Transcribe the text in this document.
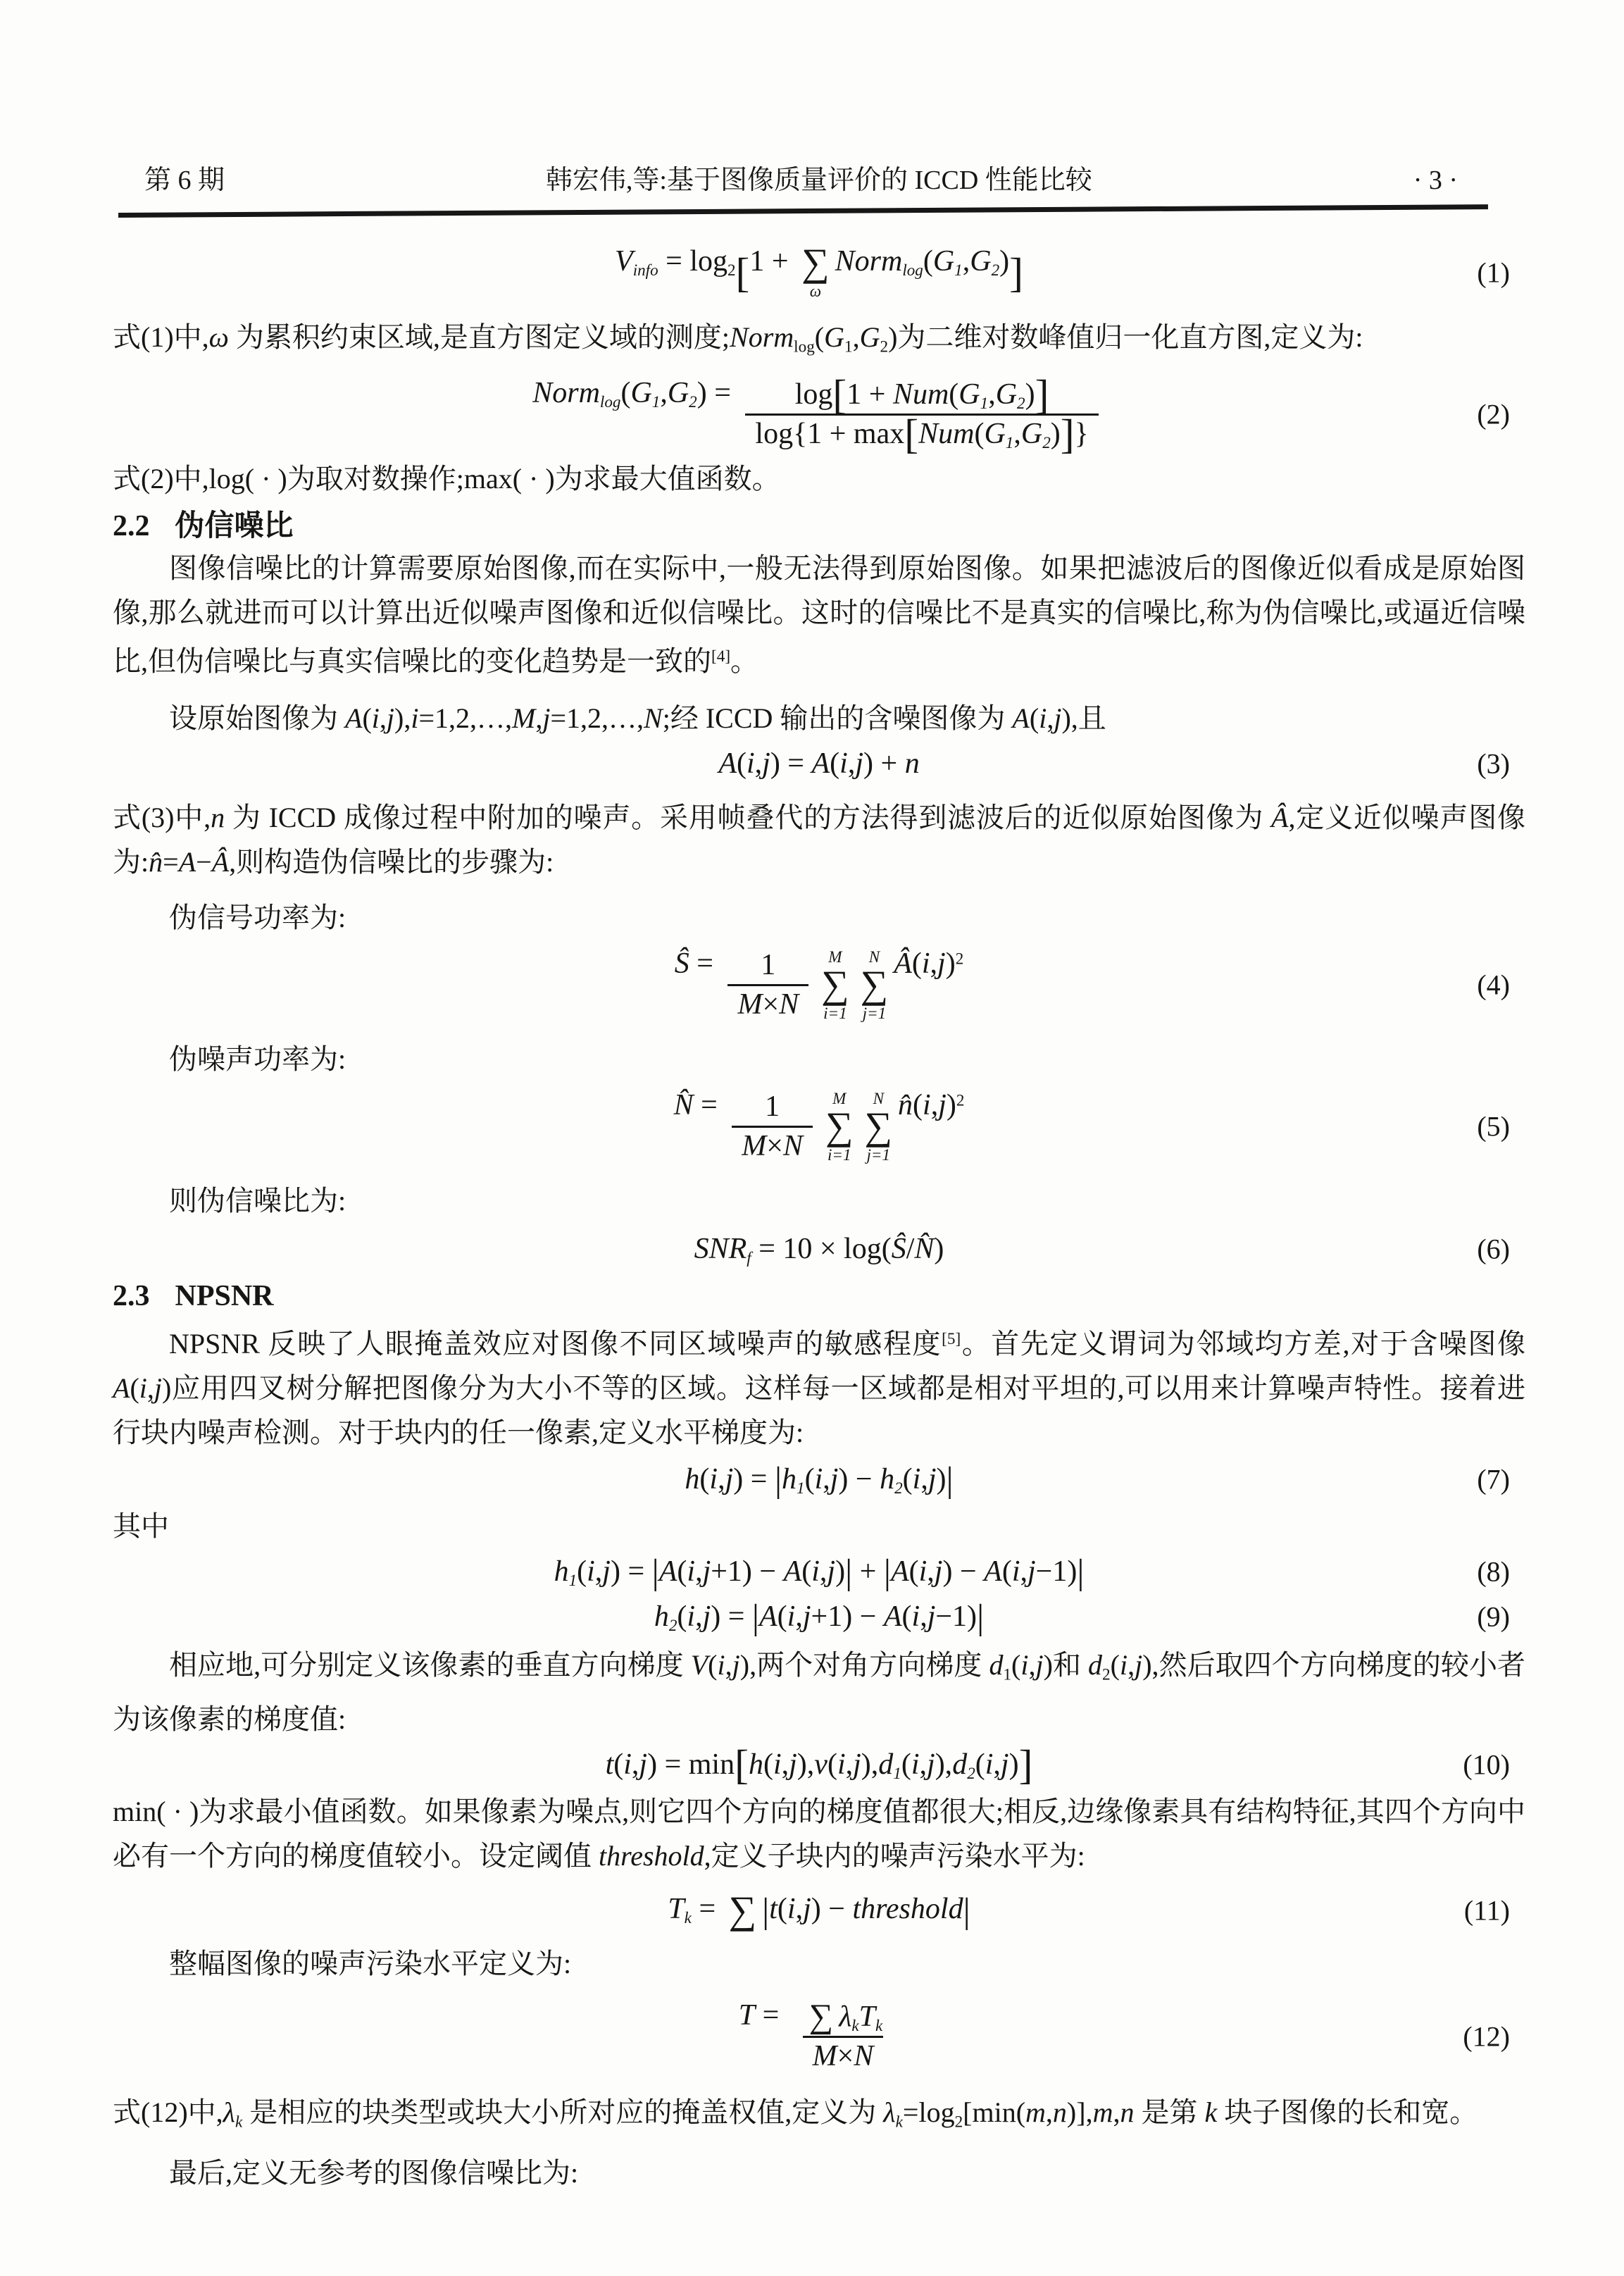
第 6 期	韩宏伟,等:基于图像质量评价的 ICCD 性能比较	· 3 ·
$V_{info} = \log_2$ [ 1 + ∑
ω
Norm$_{log}$ ( $G_1$ , $G_2$ ) ]	(1)

式(1)中,ω 为累积约束区域,是直方图定义域的测度;Normlog(G1,G2)为二维对数峰值归一化直方图,定义为:

Norm$_{log}$ ( $G_1$ , $G_2$ ) = $\frac{\log [ 1 + Num ( G_1 , G_2 ) ]}{\log\{1 + \max [ Num ( G_1 , G_2 ) ] \}}$	(2)

式(2)中,log( · )为取对数操作;max( · )为求最大值函数。

2.2 伪信噪比

图像信噪比的计算需要原始图像,而在实际中,一般无法得到原始图像。如果把滤波后的图像近似看成是原始图像,那么就进而可以计算出近似噪声图像和近似信噪比。这时的信噪比不是真实的信噪比,称为伪信噪比,或逼近信噪比,但伪信噪比与真实信噪比的变化趋势是一致的[4]。

设原始图像为 A(i,j),i=1,2,…,M,j=1,2,…,N;经 ICCD 输出的含噪图像为 A(i,j),且

A ( i , j ) = A ( i , j ) + n	(3)

式(3)中,n 为 ICCD 成像过程中附加的噪声。采用帧叠代的方法得到滤波后的近似原始图像为 Â,定义近似噪声图像为:n̂=A−Â,则构造伪信噪比的步骤为:

伪信号功率为:

Ŝ = $\frac{1}{M \times N}$ M
∑
i=1
N
∑
j=1
Â ( i , j )$^2$
(4)

伪噪声功率为:

N̂ = $\frac{1}{M \times N}$ M
∑
i=1
N
∑
j=1
n̂ ( i , j )$^2$
(5)

则伪信噪比为:

$SNR_f = 10 \times \log$( Ŝ / N̂ )	(6)
2.3 NPSNR

NPSNR 反映了人眼掩盖效应对图像不同区域噪声的敏感程度[5]。首先定义谓词为邻域均方差,对于含噪图像 A(i,j)应用四叉树分解把图像分为大小不等的区域。这样每一区域都是相对平坦的,可以用来计算噪声特性。接着进行块内噪声检测。对于块内的任一像素,定义水平梯度为:

h ( i , j ) = | $h_1$ ( i , j ) − $h_2$ ( i , j ) |	(7)

其中

$h_1$ ( i , j ) = | A ( i , j +1) − A ( i , j ) | + | A ( i , j ) − A ( i , j −1) |	(8)
$h_2$ ( i , j ) = | A ( i , j +1) − A ( i , j −1) |	(9)

相应地,可分别定义该像素的垂直方向梯度 V(i,j),两个对角方向梯度 d1(i,j)和 d2(i,j),然后取四个方向梯度的较小者为该像素的梯度值:

t ( i , j ) = min [ h ( i , j ), v ( i , j ), $d_1$ ( i , j ), $d_2$ ( i , j ) ]	(10)

min( · )为求最小值函数。如果像素为噪点,则它四个方向的梯度值都很大;相反,边缘像素具有结构特征,其四个方向中必有一个方向的梯度值较小。设定阈值 threshold,定义子块内的噪声污染水平为:

$T_k$ = ∑ | t ( i , j ) − threshold |	(11)

整幅图像的噪声污染水平定义为:

$T = \frac{\sum \lambda_k T_k}{M \times N}$	(12)

式(12)中,λk 是相应的块类型或块大小所对应的掩盖权值,定义为 λk=log2[min(m,n)],m,n 是第 k 块子图像的长和宽。

最后,定义无参考的图像信噪比为:
